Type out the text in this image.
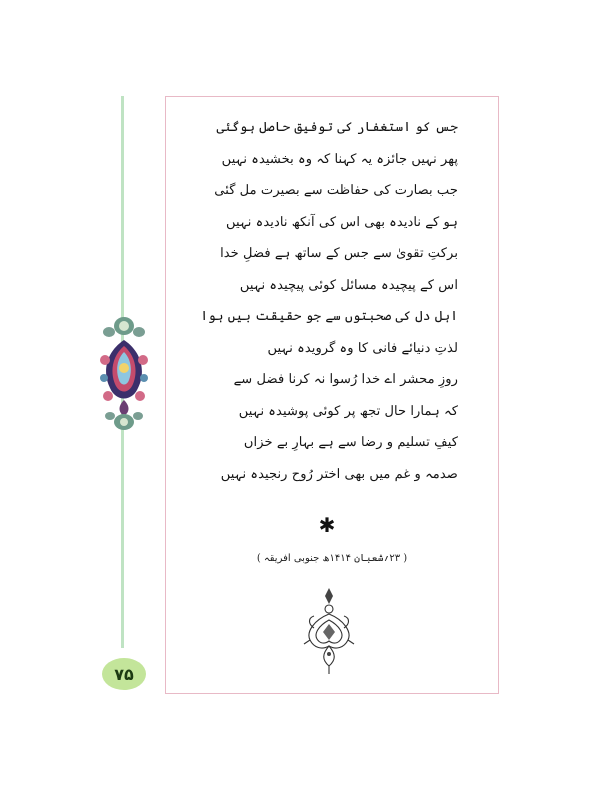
۷۵
جس کو استغفار کی توفیق حاصل ہوگئی
پھر نہیں جائزہ یہ کہنا کہ وہ بخشیدہ نہیں
جب بصارت کی حفاظت سے بصیرت مل گئی
ہو کے نادیدہ بھی اس کی آنکھ نادیدہ نہیں
برکتِ تقویٰ سے جس کے ساتھ ہے فضلِ خدا
اس کے پیچیدہ مسائل کوئی پیچیدہ نہیں
اہل دل کی صحبتوں سے جو حقیقت بیں ہوا
لذتِ دنیائے فانی کا وہ گرویدہ نہیں
روزِ محشر اے خدا رُسوا نہ کرنا فضل سے
کہ ہمارا حال تجھ پر کوئی پوشیدہ نہیں
کیفِ تسلیم و رضا سے ہے بہارِ بے خزاں
صدمہ و غم میں بھی اختر رُوح رنجیدہ نہیں
✱
( ۲۳؍شعبان ۱۴۱۴ھ جنوبی افریقہ )
